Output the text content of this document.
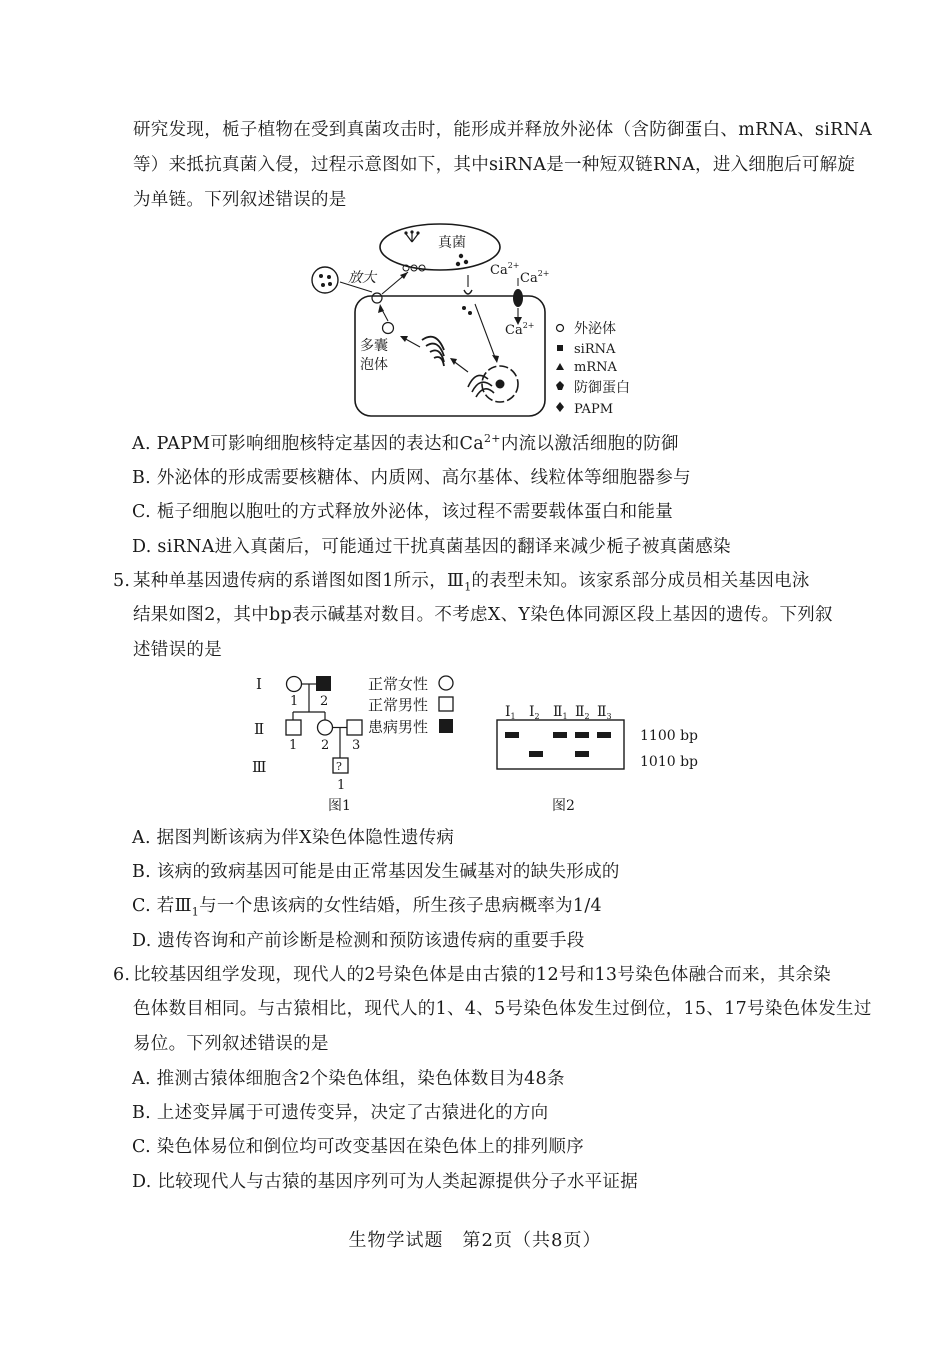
研究发现，栀子植物在受到真菌攻击时，能形成并释放外泌体（含防御蛋白、mRNA、siRNA
等）来抵抗真菌入侵，过程示意图如下，其中siRNA是一种短双链RNA，进入细胞后可解旋
为单链。下列叙述错误的是
真菌
放大
多囊
泡体
$Ca^{2+}$
$Ca^{2+}$
$Ca^{2+}$	外泌体
siRNA
mRNA
防御蛋白
PAPM
A. PAPM可影响细胞核特定基因的表达和$Ca^{2+}$内流以激活细胞的防御
B. 外泌体的形成需要核糖体、内质网、高尔基体、线粒体等细胞器参与
C. 栀子细胞以胞吐的方式释放外泌体，该过程不需要载体蛋白和能量
D. siRNA进入真菌后，可能通过干扰真菌基因的翻译来减少栀子被真菌感染
5. 某种单基因遗传病的系谱图如图1所示，$Ⅲ_1$的表型未知。该家系部分成员相关基因电泳
结果如图2，其中bp表示碱基对数目。不考虑X、Y染色体同源区段上基因的遗传。下列叙
述错误的是
Ⅰ
Ⅱ
Ⅲ
1 2
1 2 3
?
1
正常女性
正常男性
患病男性
图1
$Ⅰ_1$ $Ⅰ_2$ $Ⅱ_1$ $Ⅱ_2$ $Ⅱ_3$
1100 bp
1010 bp
图2
A. 据图判断该病为伴X染色体隐性遗传病
B. 该病的致病基因可能是由正常基因发生碱基对的缺失形成的
C. 若$Ⅲ_1$与一个患该病的女性结婚，所生孩子患病概率为1/4
D. 遗传咨询和产前诊断是检测和预防该遗传病的重要手段
6. 比较基因组学发现，现代人的2号染色体是由古猿的12号和13号染色体融合而来，其余染
色体数目相同。与古猿相比，现代人的1、4、5号染色体发生过倒位，15、17号染色体发生过
易位。下列叙述错误的是
A. 推测古猿体细胞含2个染色体组，染色体数目为48条
B. 上述变异属于可遗传变异，决定了古猿进化的方向
C. 染色体易位和倒位均可改变基因在染色体上的排列顺序
D. 比较现代人与古猿的基因序列可为人类起源提供分子水平证据
生物学试题　第2页（共8页）
